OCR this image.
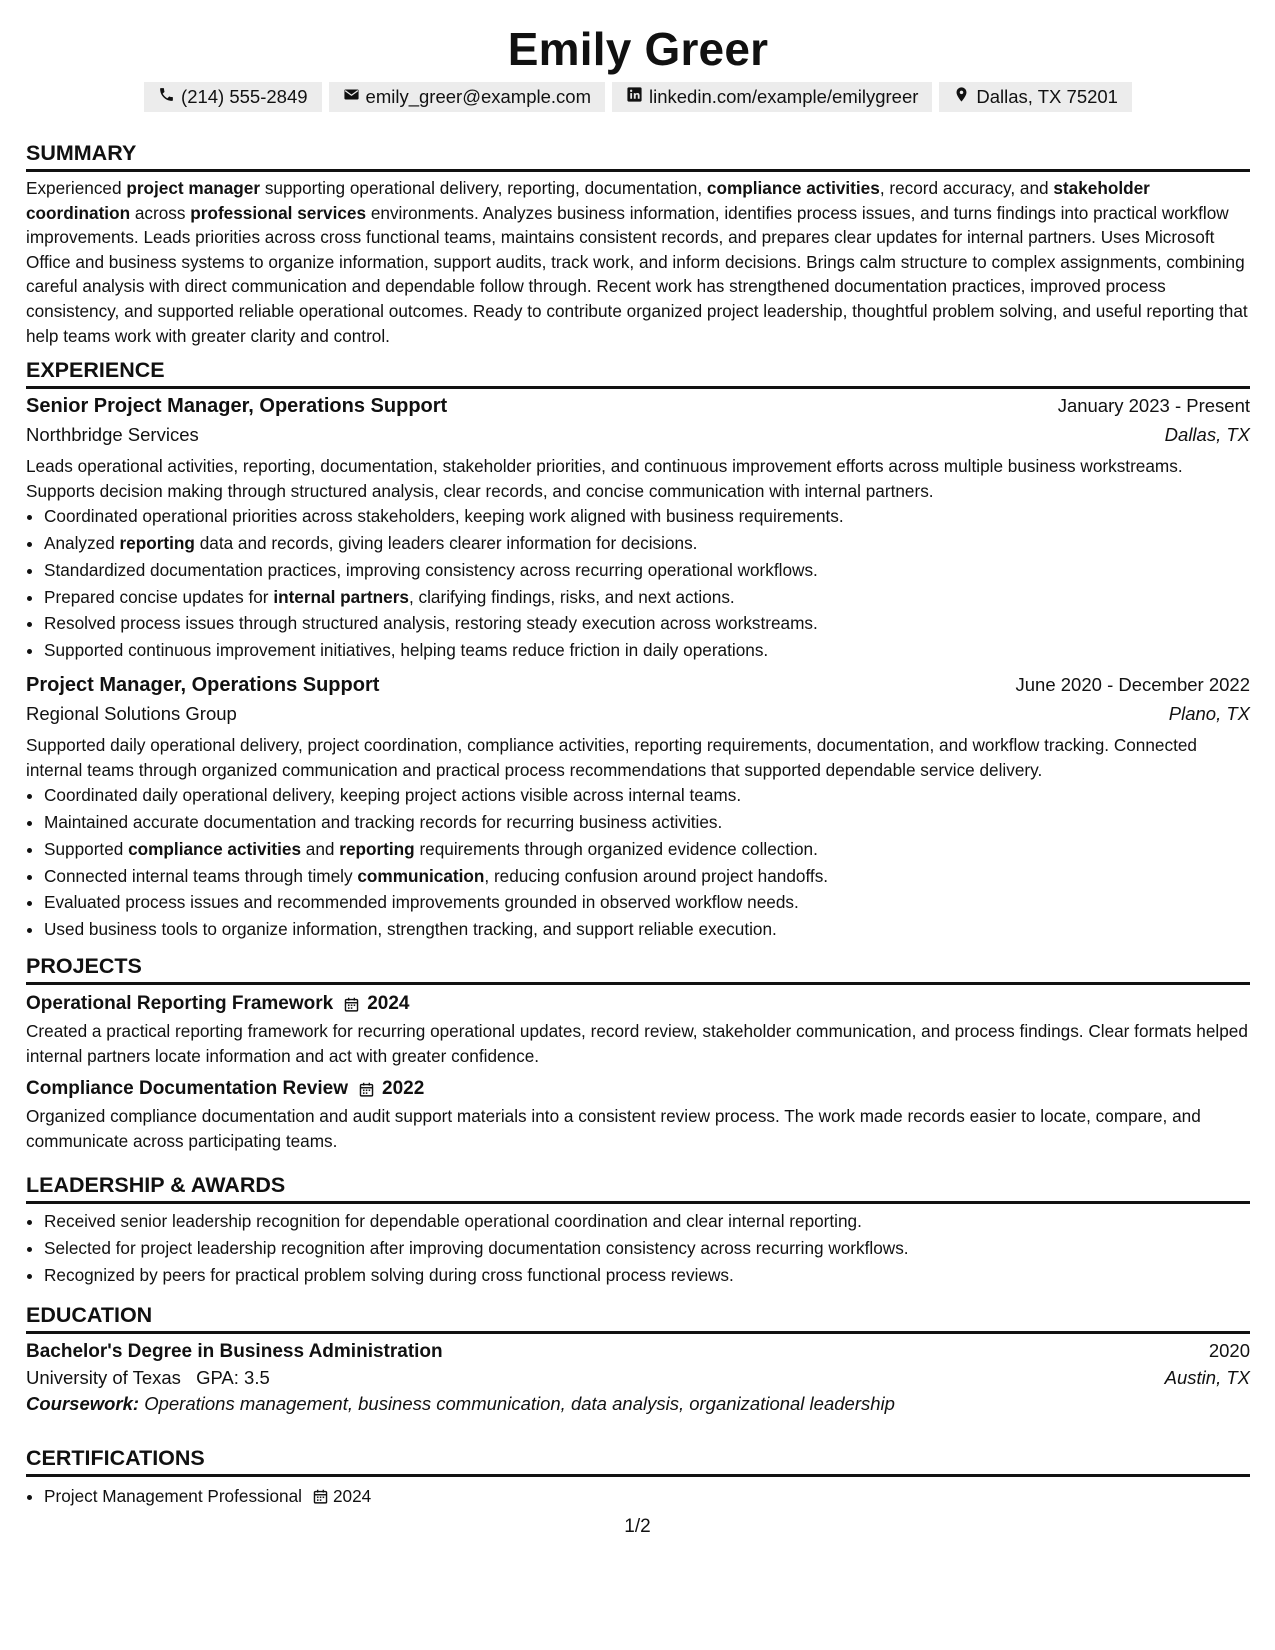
Emily Greer
(214) 555-2849	emily_greer@example.com	linkedin.com/example/emilygreer	Dallas, TX 75201
SUMMARY

Experienced project manager supporting operational delivery, reporting, documentation, compliance activities, record accuracy, and stakeholder coordination across professional services environments. Analyzes business information, identifies process issues, and turns findings into practical workflow improvements. Leads priorities across cross functional teams, maintains consistent records, and prepares clear updates for internal partners. Uses Microsoft Office and business systems to organize information, support audits, track work, and inform decisions. Brings calm structure to complex assignments, combining careful analysis with direct communication and dependable follow through. Recent work has strengthened documentation practices, improved process consistency, and supported reliable operational outcomes. Ready to contribute organized project leadership, thoughtful problem solving, and useful reporting that help teams work with greater clarity and control.

EXPERIENCE
Senior Project Manager, Operations Support	January 2023 - Present
Northbridge Services	Dallas, TX

Leads operational activities, reporting, documentation, stakeholder priorities, and continuous improvement efforts across multiple business workstreams. Supports decision making through structured analysis, clear records, and concise communication with internal partners.

• Coordinated operational priorities across stakeholders, keeping work aligned with business requirements.
• Analyzed reporting data and records, giving leaders clearer information for decisions.
• Standardized documentation practices, improving consistency across recurring operational workflows.
• Prepared concise updates for internal partners, clarifying findings, risks, and next actions.
• Resolved process issues through structured analysis, restoring steady execution across workstreams.
• Supported continuous improvement initiatives, helping teams reduce friction in daily operations.
Project Manager, Operations Support	June 2020 - December 2022
Regional Solutions Group	Plano, TX

Supported daily operational delivery, project coordination, compliance activities, reporting requirements, documentation, and workflow tracking. Connected internal teams through organized communication and practical process recommendations that supported dependable service delivery.

• Coordinated daily operational delivery, keeping project actions visible across internal teams.
• Maintained accurate documentation and tracking records for recurring business activities.
• Supported compliance activities and reporting requirements through organized evidence collection.
• Connected internal teams through timely communication, reducing confusion around project handoffs.
• Evaluated process issues and recommended improvements grounded in observed workflow needs.
• Used business tools to organize information, strengthen tracking, and support reliable execution.
PROJECTS
Operational Reporting Framework 2024

Created a practical reporting framework for recurring operational updates, record review, stakeholder communication, and process findings. Clear formats helped internal partners locate information and act with greater confidence.

Compliance Documentation Review 2022

Organized compliance documentation and audit support materials into a consistent review process. The work made records easier to locate, compare, and communicate across participating teams.

LEADERSHIP & AWARDS
• Received senior leadership recognition for dependable operational coordination and clear internal reporting.
• Selected for project leadership recognition after improving documentation consistency across recurring workflows.
• Recognized by peers for practical problem solving during cross functional process reviews.
EDUCATION
Bachelor's Degree in Business Administration	2020
University of Texas GPA: 3.5	Austin, TX
Coursework: Operations management, business communication, data analysis, organizational leadership
CERTIFICATIONS
• Project Management Professional 2024
1/2
